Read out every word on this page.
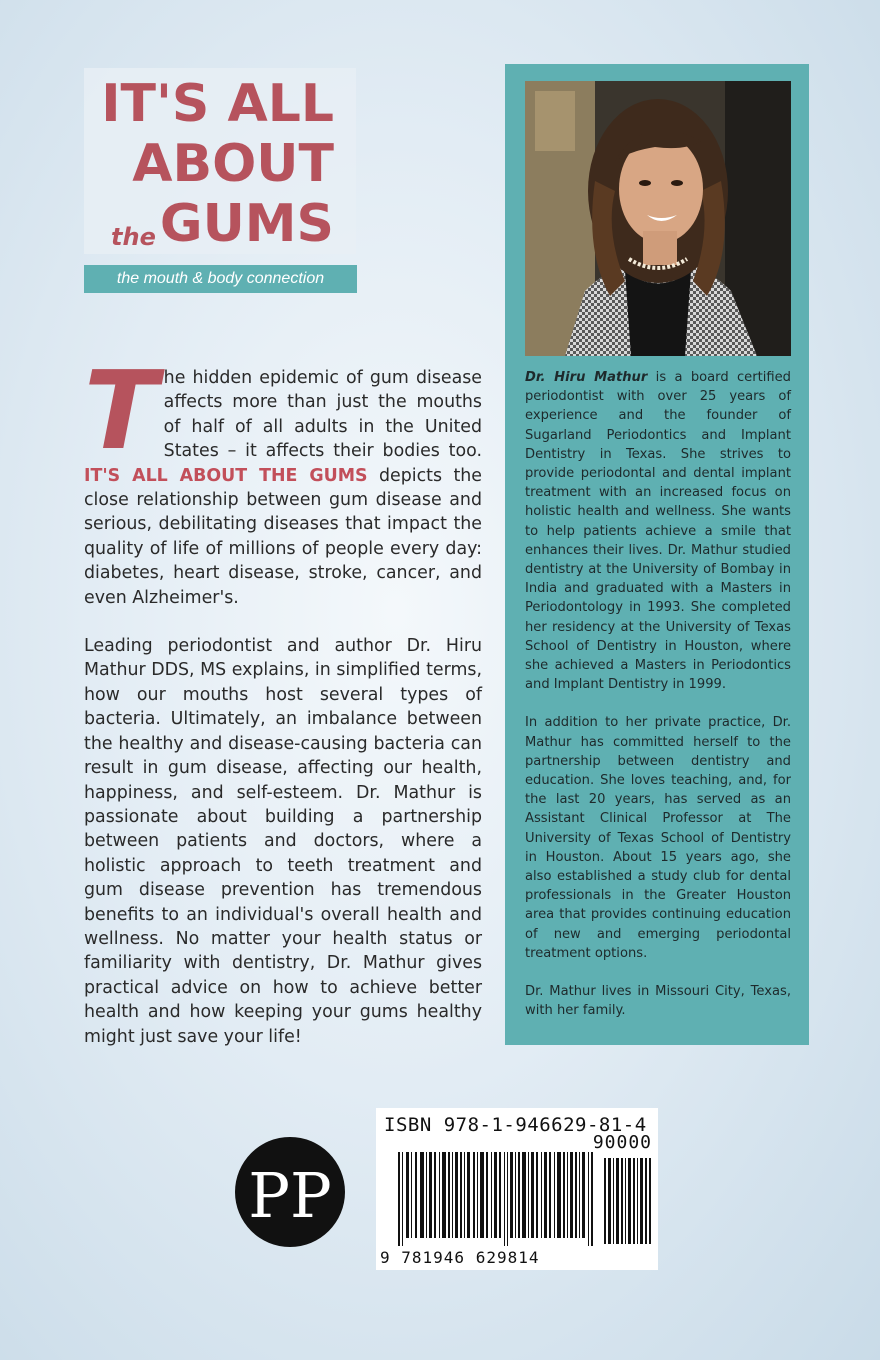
IT'S ALL
ABOUT
theGUMS
the mouth & body connection

The hidden epidemic of gum disease affects more than just the mouths of half of all adults in the United States – it affects their bodies too. IT'S ALL ABOUT THE GUMS depicts the close relationship between gum disease and serious, debilitating diseases that impact the quality of life of millions of people every day: diabetes, heart disease, stroke, cancer, and even Alzheimer's.

Leading periodontist and author Dr. Hiru Mathur DDS, MS explains, in simplified terms, how our mouths host several types of bacteria. Ultimately, an imbalance between the healthy and disease-causing bacteria can result in gum disease, affecting our health, happiness, and self-esteem. Dr. Mathur is passionate about building a partnership between patients and doctors, where a holistic approach to teeth treatment and gum disease prevention has tremendous benefits to an individual's overall health and wellness. No matter your health status or familiarity with dentistry, Dr. Mathur gives practical advice on how to achieve better health and how keeping your gums healthy might just save your life!

Dr. Hiru Mathur is a board certified periodontist with over 25 years of experience and the founder of Sugarland Periodontics and Implant Dentistry in Texas. She strives to provide periodontal and dental implant treatment with an increased focus on holistic health and wellness. She wants to help patients achieve a smile that enhances their lives. Dr. Mathur studied dentistry at the University of Bombay in India and graduated with a Masters in Periodontology in 1993. She completed her residency at the University of Texas School of Dentistry in Houston, where she achieved a Masters in Periodontics and Implant Dentistry in 1999.

In addition to her private practice, Dr. Mathur has committed herself to the partnership between dentistry and education. She loves teaching, and, for the last 20 years, has served as an Assistant Clinical Professor at The University of Texas School of Dentistry in Houston. About 15 years ago, she also established a study club for dental professionals in the Greater Houston area that provides continuing education of new and emerging periodontal treatment options.

Dr. Mathur lives in Missouri City, Texas, with her family.

PP
ISBN 978-1-946629-81-4
90000
9 781946 629814
